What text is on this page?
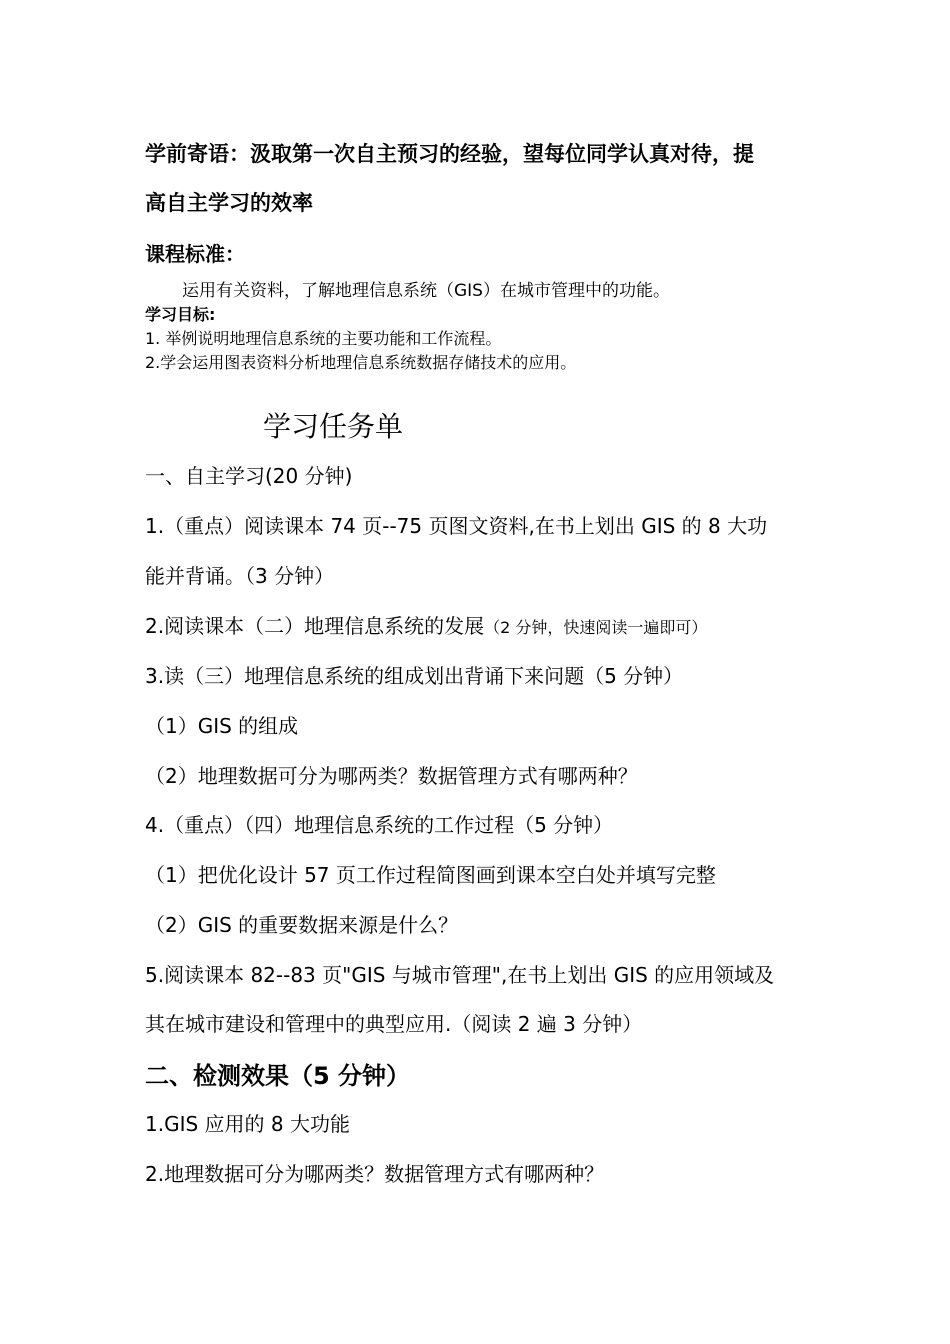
学前寄语：汲取第一次自主预习的经验，望每位同学认真对待，提
高自主学习的效率
课程标准：
运用有关资料，了解地理信息系统（GIS）在城市管理中的功能。
学习目标:
1. 举例说明地理信息系统的主要功能和工作流程。
2.学会运用图表资料分析地理信息系统数据存储技术的应用。
学习任务单
一、自主学习(20 分钟)
1.（重点）阅读课本 74 页--75 页图文资料,在书上划出 GIS 的 8 大功
能并背诵。（3 分钟）
2.阅读课本（二）地理信息系统的发展（2 分钟，快速阅读一遍即可）
3.读（三）地理信息系统的组成划出背诵下来问题（5 分钟）
（1）GIS 的组成
（2）地理数据可分为哪两类？数据管理方式有哪两种？
4.（重点）（四）地理信息系统的工作过程（5 分钟）
（1）把优化设计 57 页工作过程简图画到课本空白处并填写完整
（2）GIS 的重要数据来源是什么？
5.阅读课本 82--83 页"GIS 与城市管理",在书上划出 GIS 的应用领域及
其在城市建设和管理中的典型应用.（阅读 2 遍 3 分钟）
二、检测效果（5 分钟）
1.GIS 应用的 8 大功能
2.地理数据可分为哪两类？数据管理方式有哪两种？
